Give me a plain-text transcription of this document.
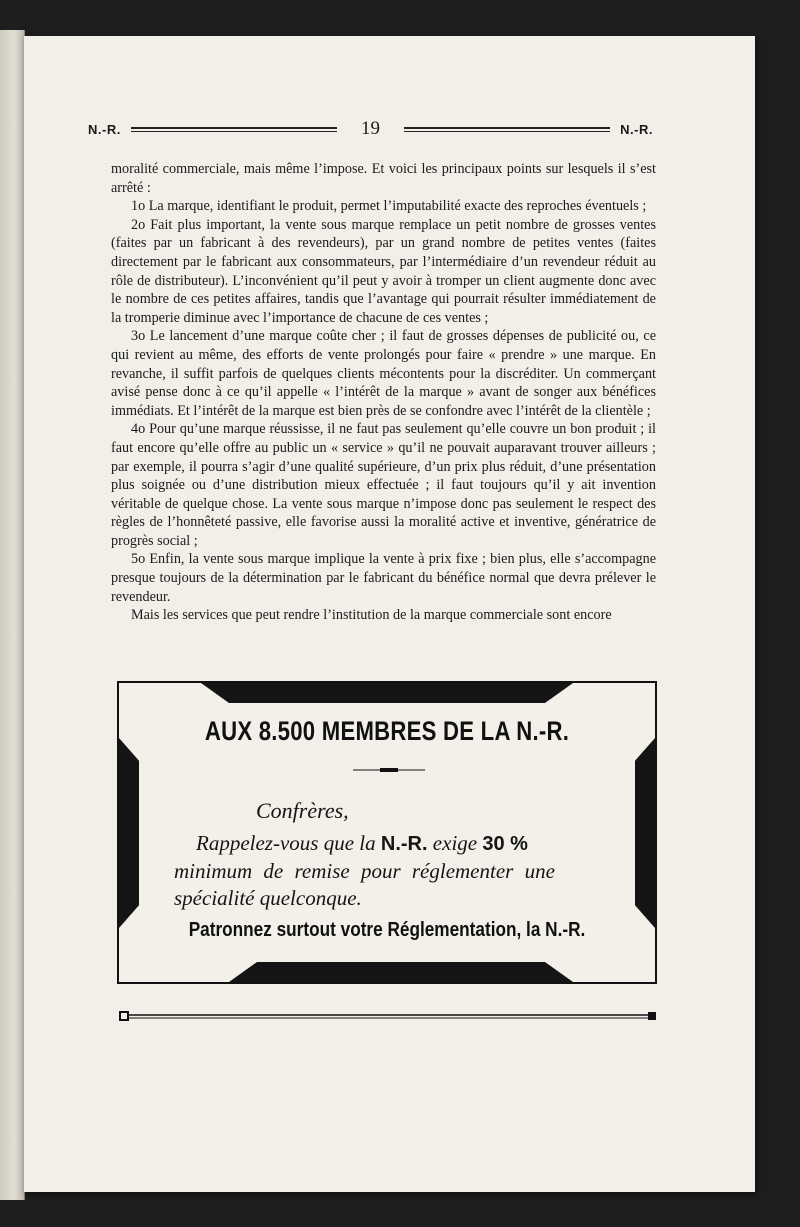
N.-R.	19	N.-R.

moralité commerciale, mais même l’impose. Et voici les principaux points sur lesquels il s’est arrêté :

1o La marque, identifiant le produit, permet l’imputabilité exacte des reproches éventuels ;

2o Fait plus important, la vente sous marque remplace un petit nombre de grosses ventes (faites par un fabricant à des revendeurs), par un grand nombre de petites ventes (faites directement par le fabricant aux consommateurs, par l’intermédiaire d’un revendeur réduit au rôle de distributeur). L’inconvénient qu’il peut y avoir à tromper un client augmente donc avec le nombre de ces petites affaires, tandis que l’avantage qui pourrait résulter immédiatement de la tromperie diminue avec l’importance de chacune de ces ventes ;

3o Le lancement d’une marque coûte cher ; il faut de grosses dépenses de publicité ou, ce qui revient au même, des efforts de vente prolongés pour faire « prendre » une marque. En revanche, il suffit parfois de quelques clients mécontents pour la discréditer. Un commerçant avisé pense donc à ce qu’il appelle « l’intérêt de la marque » avant de songer aux bénéfices immédiats. Et l’intérêt de la marque est bien près de se confondre avec l’intérêt de la clientèle ;

4o Pour qu’une marque réussisse, il ne faut pas seulement qu’elle couvre un bon produit ; il faut encore qu’elle offre au public un « service » qu’il ne pouvait auparavant trouver ailleurs ; par exemple, il pourra s’agir d’une qualité supérieure, d’un prix plus réduit, d’une présentation plus soignée ou d’une distribution mieux effectuée ; il faut toujours qu’il y ait invention véritable de quelque chose. La vente sous marque n’impose donc pas seulement le respect des règles de l’honnêteté passive, elle favorise aussi la moralité active et inventive, génératrice de progrès social ;

5o Enfin, la vente sous marque implique la vente à prix fixe ; bien plus, elle s’accompagne presque toujours de la détermination par le fabricant du bénéfice normal que devra prélever le revendeur.

Mais les services que peut rendre l’institution de la marque commerciale sont encore

AUX 8.500 MEMBRES DE LA N.-R.
Confrères,
Rappelez-vous que la N.-R. exige 30 %
minimum de remise pour réglementer une
spécialité quelconque.
Patronnez surtout votre Réglementation, la N.-R.
